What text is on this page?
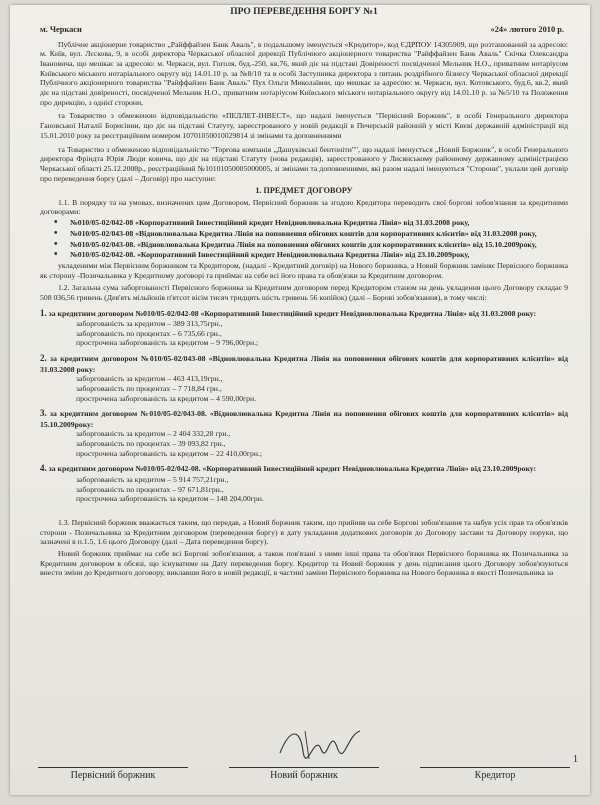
ПРО ПЕРЕВЕДЕННЯ БОРГУ №1
м. Черкаси	«24» лютого 2010 р.

Публічне акціонерне товариство „Райффайзен Банк Аваль", в подальшому іменується «Кредитор», код ЄДРПОУ 14305909, що розташований за адресою: м. Київ, вул. Лєскова, 9, в особі директора Черкаської обласної дирекції Публічного акціонерного товариства "Райффайзен Банк Аваль" Скічка Олександра Івановича, що мешкає за адресою: м. Черкаси, вул. Гоголя, буд.-250, кв.76, який діє на підставі Довіреності посвідченої Мельник Н.О., приватним нотаріусом Київського міського нотаріального округу від 14.01.10 р. за №8/10 та в особі Заступника директора з питань роздрібного бізнесу Черкаської обласної дирекції Публічного акціонерного товариства "Райффайзен Банк Аваль" Пух Ольги Миколаївни, що мешкає за адресою: м. Черкаси, вул. Котовського, буд.6, кв.2, який діє на підставі довіреності, посвідченої Мельник Н.О., приватним нотаріусом Київського міського нотаріального округу від 14.01.10 р. за №5/10 та Положення про дирекцію, з однієї сторони,

та Товариство з обмеженою відповідальністю «ПЕЛЛЕТ-ІНВЕСТ», що надалі іменується "Первісний Боржник", в особі Генерального директора Гановської Наталії Борисівни, що діє на підставі Статуту, зареєстрованого у новій редакції в Печерській районній у місті Києві державній адміністрації від 15.01.2010 року за реєстраційним номером 10701050010029814 зі змінами та доповненнями

та Товариство з обмеженою відповідальністю "Торгова компанія „Дашуківські бентоніти"", що надалі іменується „Новий Боржник", в особі Генерального директора Фріндта Юрія Люди ковича, що діє на підставі Статуту (нова редакція), зареєстрованого у Лисянському районному державному адміністрацією Черкаської області 25.12.2008р., реєстраційний №10101050005000005, зі змінами та доповненнями, які разом надалі іменуються "Сторони", уклали цей договір про переведення боргу (далі – Договір) про наступне:

1. ПРЕДМЕТ ДОГОВОРУ

1.1. В порядку та на умовах, визначених цим Договором, Первісний боржник за згодою Кредитора переводить свої боргові зобов'язання за кредитними договорами:

• №010/05-02/042-08 «Корпоративний Інвестиційний кредит Невідновлювальна Кредитна Лінія» від 31.03.2008 року,
• №010/05-02/043-08 «Відновлювальна Кредитна Лінія на поповнення обігових коштів для корпоративних клієнтів» від 31.03.2008 року,
• №010/05-02/043-08. «Відновлювальна Кредитна Лінія на поповнення обігових коштів для корпоративних клієнтів» від 15.10.2009року,
• №010/05-02/042-08. «Корпоративний Інвестиційний кредит Невідновлювальна Кредитна Лінія» від 23.10.2009року,

укладеними між Первісним боржником та Кредитором, (надалі - Кредитний договір) на Нового боржника, а Новий боржник заміняє Первісного боржника як сторону -Позичальника у Кредитному договорі та приймає на себе всі його права та обов'язки за Кредитним договором.

1.2. Загальна сума заборгованості Первісного боржника за Кредитним договором перед Кредитором станом на день укладення цього Договору складає 9 508 036,56 гривень (Дев'ять мільйонів п'ятсот вісім тисяч тридцять шість гривень 56 копійок) (далі – Борові зобов'язання), в тому числі:

1. за кредитним договором №010/05-02/042-08 «Корпоративний Інвестиційний кредит Невідновлювальна Кредитна Лінія» від 31.03.2008 року:

заборгованість за кредитом – 389 313,75грн.,

заборгованість по процентах – 6 735,66 грн.,

прострочена заборгованість за кредитом – 9 796,00грн.;

2. за кредитним договором №010/05-02/043-08 «Відновлювальна Кредитна Лінія на поповнення обігових коштів для корпоративних клієнтів» від 31.03.2008 року:

заборгованість за кредитом – 463 413,19грн.,

заборгованість по процентах – 7 718,84 грн.,

прострочена заборгованість за кредитом – 4 590,00грн.

3. за кредитним договором №010/05-02/043-08. «Відновлювальна Кредитна Лінія на поповнення обігових коштів для корпоративних клієнтів» від 15.10.2009року:

заборгованість за кредитом – 2 404 332,28 грн.,

заборгованість по процентах – 39 093,82 грн.,

прострочена заборгованість за кредитом – 22 410,00грн.;

4. за кредитним договором №010/05-02/042-08. «Корпоративний Інвестиційний кредит Невідновлювальна Кредитна Лінія» від 23.10.2009року:

заборгованість за кредитом – 5 914 757,21грн.,

заборгованість по процентах – 97 671,81грн.,

прострочена заборгованість за кредитом – 148 204,00грн.

1.3. Первісний боржник вважається таким, що передав, а Новий боржник таким, що прийняв на себе Боргові зобов'язання та набув усіх прав та обов'язків сторони - Позичальника за Кредитним договором (переведення боргу) в дату укладання додаткових договорів до Договору застави та Договору поруки, що зазначені в п.1.5, 1.6 цього Договору (далі – Дата переведення боргу).

Новий боржник приймає на себе всі Боргові зобов'язання, а також пов'язані з ними інші права та обов'язки Первісного боржника як Позичальника за Кредитним договором в обсязі, що існуватиме на Дату переведення боргу. Кредитор та Новий боржник у день підписання цього Договору зобов'язуються внести зміни до Кредитного договору, виклавши його в новій редакції, в частині заміни Первісного боржника на Нового боржника в якості Позичальника за

Первісний боржник	Новий боржник	Кредитор
1
